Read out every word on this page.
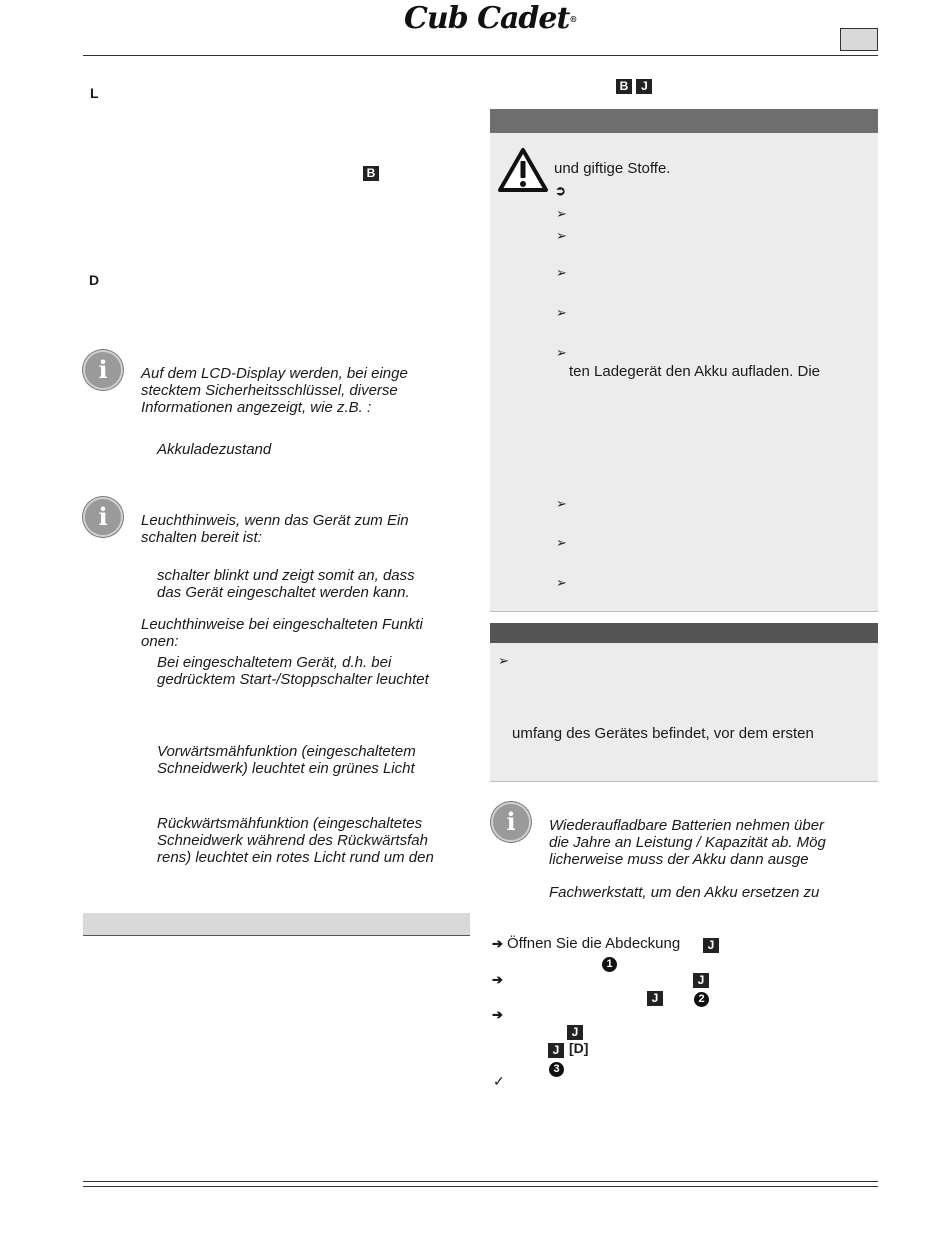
Cub Cadet®
L
B
D
i	Auf dem LCD-Display werden, bei einge
stecktem Sicherheitsschlüssel, diverse
Informationen angezeigt, wie z.B. :
Akkuladezustand
i	Leuchthinweis, wenn das Gerät zum Ein
schalten bereit ist:
schalter blinkt und zeigt somit an, dass
das Gerät eingeschaltet werden kann.
Leuchthinweise bei eingeschalteten Funkti
onen:
Bei eingeschaltetem Gerät, d.h. bei
gedrücktem Start-/Stoppschalter leuchtet
Vorwärtsmähfunktion (eingeschaltetem
Schneidwerk) leuchtet ein grünes Licht
Rückwärtsmähfunktion (eingeschaltetes
Schneidwerk während des Rückwärtsfah
rens) leuchtet ein rotes Licht rund um den
B J
und giftige Stoffe.
➲
➢
➢
➢
➢
➢
ten Ladegerät den Akku aufladen. Die
➢
➢
➢
➢
umfang des Gerätes befindet, vor dem ersten
i	Wiederaufladbare Batterien nehmen über
die Jahre an Leistung / Kapazität ab. Mög
licherweise muss der Akku dann ausge
Fachwerkstatt, um den Akku ersetzen zu
➔ Öffnen Sie die Abdeckung	J
1
➔	J
J	2
➔
J
J [D]
3
✓
